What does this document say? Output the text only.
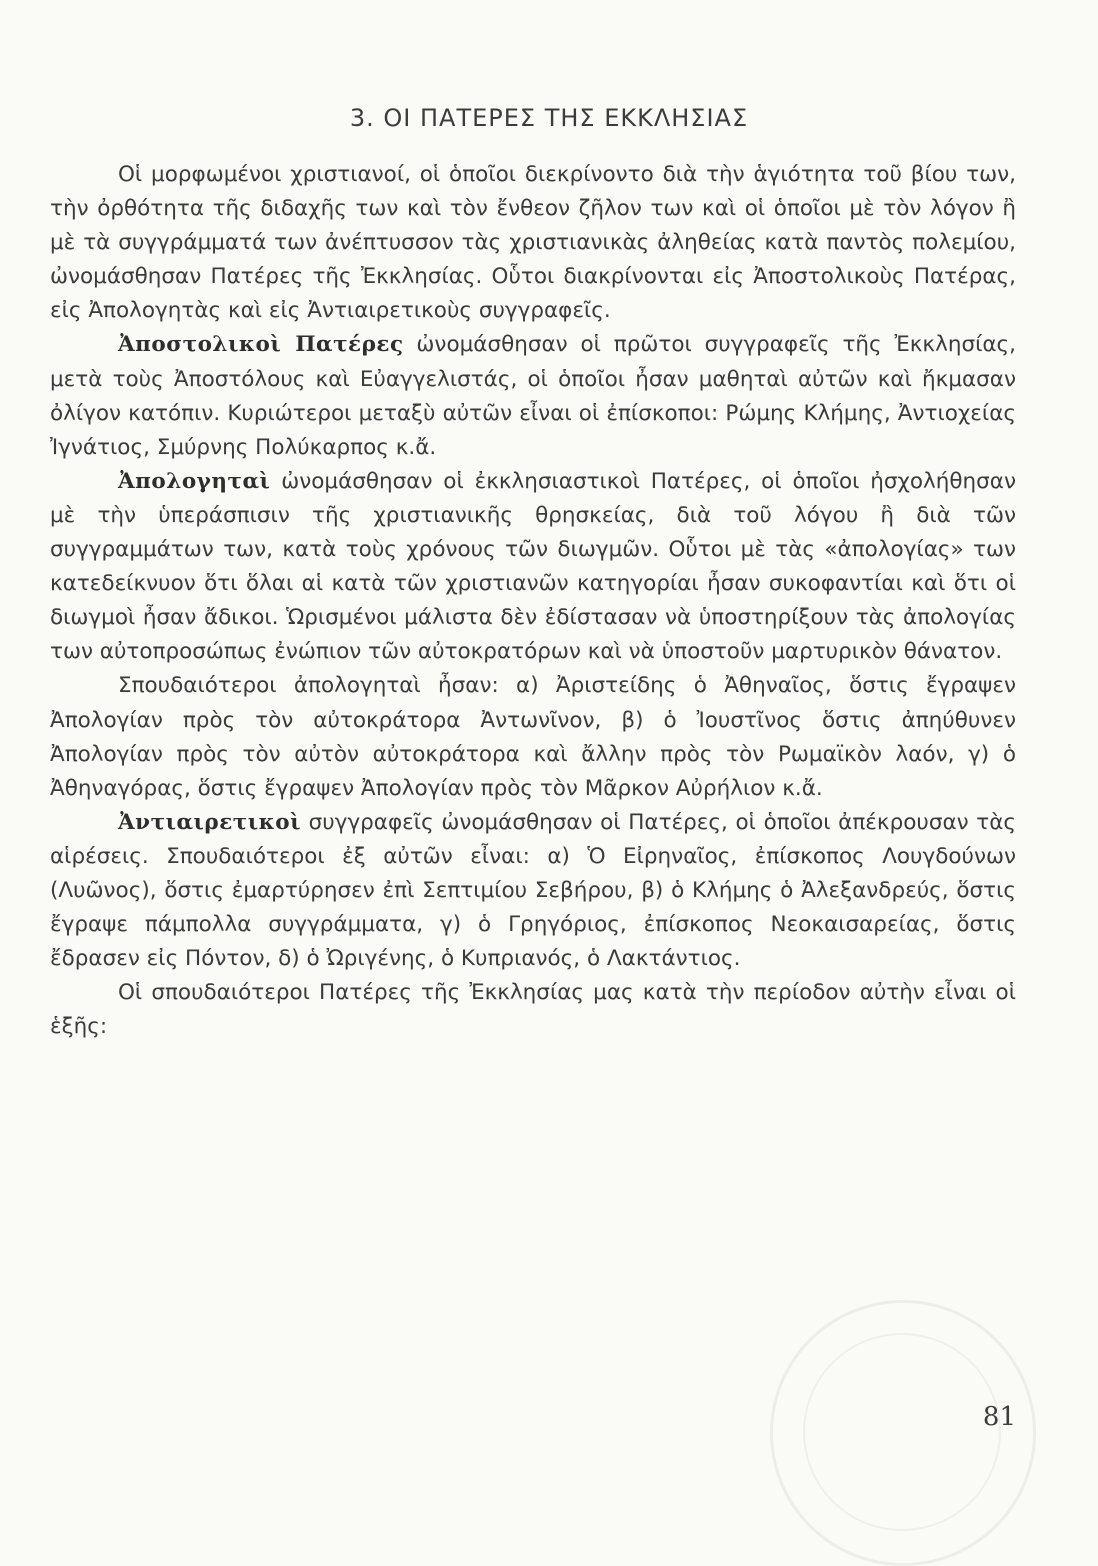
3. ΟΙ ΠΑΤΕΡΕΣ ΤΗΣ ΕΚΚΛΗΣΙΑΣ

Οἱ μορφωμένοι χριστιανοί, οἱ ὁποῖοι διεκρίνοντο διὰ τὴν ἁγιότητα τοῦ βίου των, τὴν ὀρθότητα τῆς διδαχῆς των καὶ τὸν ἔνθεον ζῆλον των καὶ οἱ ὁποῖοι μὲ τὸν λόγον ἢ μὲ τὰ συγγράμματά των ἀνέπτυσσον τὰς χριστιανικὰς ἀληθείας κατὰ παντὸς πολεμίου, ὠνομάσθησαν Πατέρες τῆς Ἐκκλησίας. Οὗτοι διακρίνονται εἰς Ἀποστολικοὺς Πατέρας, εἰς Ἀπολογητὰς καὶ εἰς Ἀντιαιρετικοὺς συγγραφεῖς.

Ἀποστολικοὶ Πατέρες ὠνομάσθησαν οἱ πρῶτοι συγγραφεῖς τῆς Ἐκκλησίας, μετὰ τοὺς Ἀποστόλους καὶ Εὐαγγελιστάς, οἱ ὁποῖοι ἦσαν μαθηταὶ αὐτῶν καὶ ἤκμασαν ὀλίγον κατόπιν. Κυριώτεροι μεταξὺ αὐτῶν εἶναι οἱ ἐπίσκοποι: Ρώμης Κλήμης, Ἀντιοχείας Ἰγνάτιος, Σμύρνης Πολύκαρπος κ.ἄ.

Ἀπολογηταὶ ὠνομάσθησαν οἱ ἐκκλησιαστικοὶ Πατέρες, οἱ ὁποῖοι ἠσχολήθησαν μὲ τὴν ὑπεράσπισιν τῆς χριστιανικῆς θρησκείας, διὰ τοῦ λόγου ἢ διὰ τῶν συγγραμμάτων των, κατὰ τοὺς χρόνους τῶν διωγμῶν. Οὗτοι μὲ τὰς «ἀπολογίας» των κατεδείκνυον ὅτι ὅλαι αἱ κατὰ τῶν χριστιανῶν κατηγορίαι ἦσαν συκοφαντίαι καὶ ὅτι οἱ διωγμοὶ ἦσαν ἄδικοι. Ὡρισμένοι μάλιστα δὲν ἐδίστασαν νὰ ὑποστηρίξουν τὰς ἀπολογίας των αὐτοπροσώπως ἐνώπιον τῶν αὐτοκρατόρων καὶ νὰ ὑποστοῦν μαρτυρικὸν θάνατον.

Σπουδαιότεροι ἀπολογηταὶ ἦσαν: α) Ἀριστείδης ὁ Ἀθηναῖος, ὅστις ἔγραψεν Ἀπολογίαν πρὸς τὸν αὐτοκράτορα Ἀντωνῖνον, β) ὁ Ἰουστῖνος ὅστις ἀπηύθυνεν Ἀπολογίαν πρὸς τὸν αὐτὸν αὐτοκράτορα καὶ ἄλλην πρὸς τὸν Ρωμαϊκὸν λαόν, γ) ὁ Ἀθηναγόρας, ὅστις ἔγραψεν Ἀπολογίαν πρὸς τὸν Μᾶρκον Αὐρήλιον κ.ἄ.

Ἀντιαιρετικοὶ συγγραφεῖς ὠνομάσθησαν οἱ Πατέρες, οἱ ὁποῖοι ἀπέκρουσαν τὰς αἱρέσεις. Σπουδαιότεροι ἐξ αὐτῶν εἶναι: α) Ὁ Εἰρηναῖος, ἐπίσκοπος Λουγδούνων (Λυῶνος), ὅστις ἐμαρτύρησεν ἐπὶ Σεπτιμίου Σεβήρου, β) ὁ Κλήμης ὁ Ἀλεξανδρεύς, ὅστις ἔγραψε πάμπολλα συγγράμματα, γ) ὁ Γρηγόριος, ἐπίσκοπος Νεοκαισαρείας, ὅστις ἔδρασεν εἰς Πόντον, δ) ὁ Ὠριγένης, ὁ Κυπριανός, ὁ Λακτάντιος.

Οἱ σπουδαιότεροι Πατέρες τῆς Ἐκκλησίας μας κατὰ τὴν περίοδον αὐτὴν εἶναι οἱ ἑξῆς:

81
